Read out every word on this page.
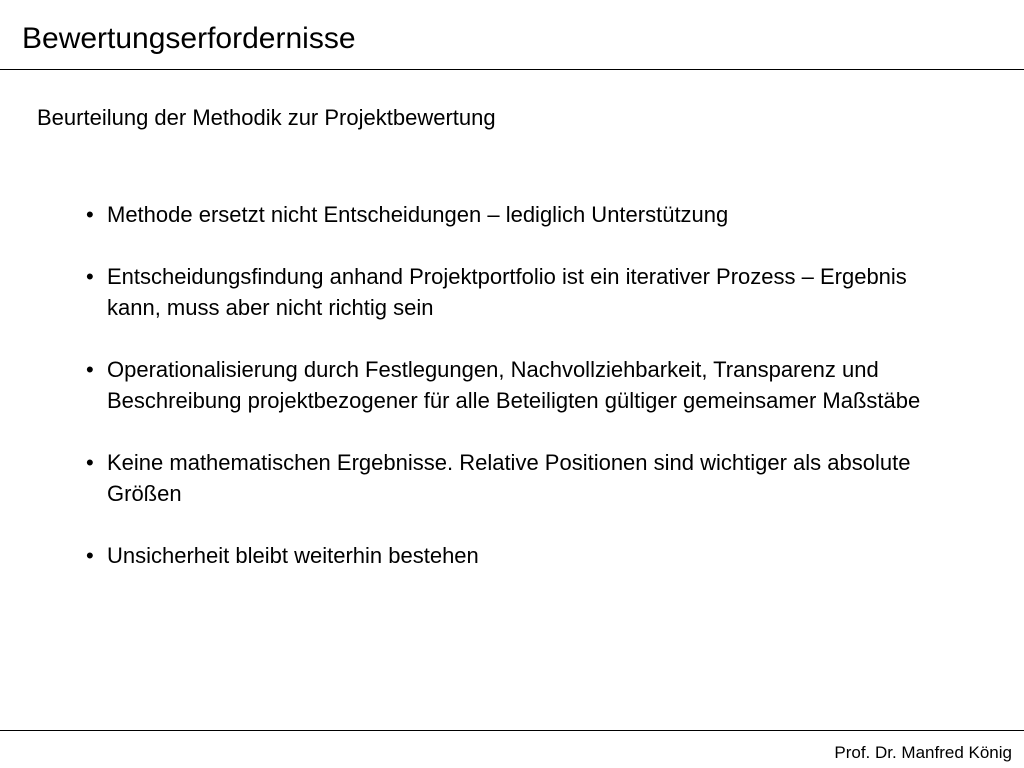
Bewertungserfordernisse
Beurteilung der Methodik zur Projektbewertung
• Methode ersetzt nicht Entscheidungen – lediglich Unterstützung
• Entscheidungsfindung anhand Projektportfolio ist ein iterativer Prozess – Ergebnis kann, muss aber nicht richtig sein
• Operationalisierung durch Festlegungen, Nachvollziehbarkeit, Transparenz und Beschreibung projektbezogener für alle Beteiligten gültiger gemeinsamer Maßstäbe
• Keine mathematischen Ergebnisse. Relative Positionen sind wichtiger als absolute Größen
• Unsicherheit bleibt weiterhin bestehen
Prof. Dr. Manfred König
